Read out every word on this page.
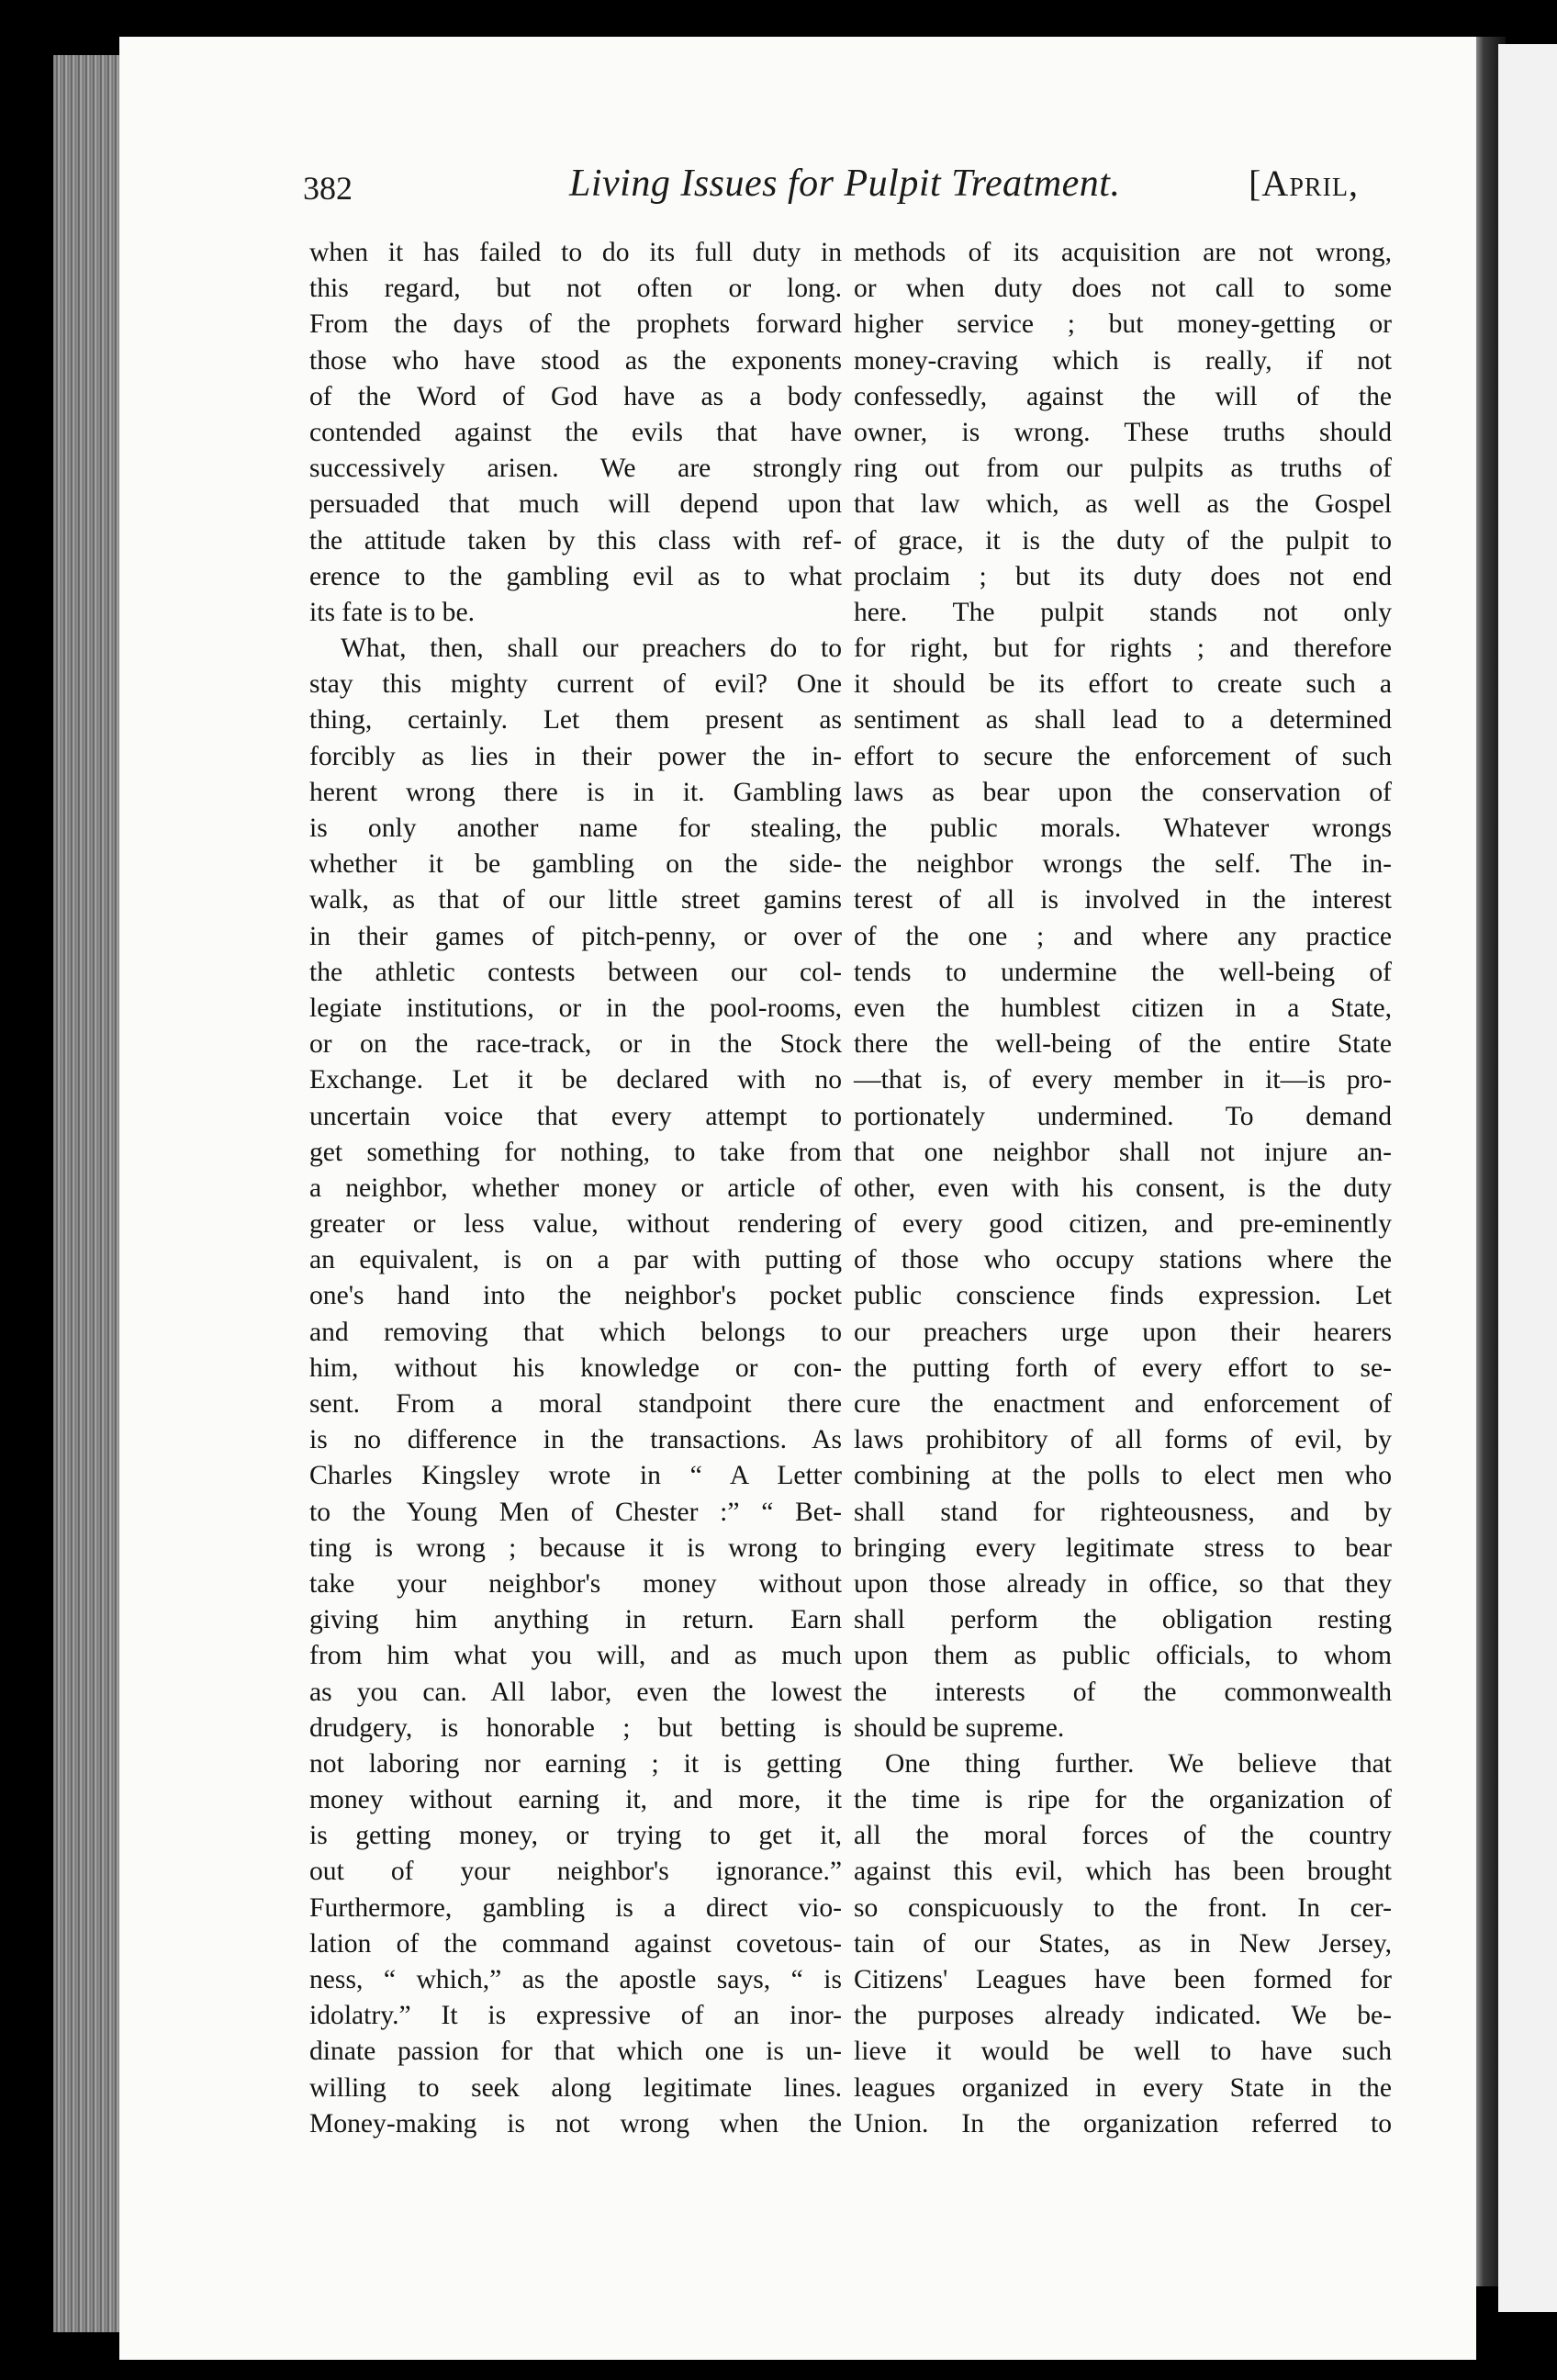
382	Living Issues for Pulpit Treatment.	[April,
when it has failed to do its full duty in
this regard, but not often or long.
From the days of the prophets forward
those who have stood as the exponents
of the Word of God have as a body
contended against the evils that have
successively arisen. We are strongly
persuaded that much will depend upon
the attitude taken by this class with ref-
erence to the gambling evil as to what
its fate is to be.
What, then, shall our preachers do to
stay this mighty current of evil? One
thing, certainly. Let them present as
forcibly as lies in their power the in-
herent wrong there is in it. Gambling
is only another name for stealing,
whether it be gambling on the side-
walk, as that of our little street gamins
in their games of pitch-penny, or over
the athletic contests between our col-
legiate institutions, or in the pool-rooms,
or on the race-track, or in the Stock
Exchange. Let it be declared with no
uncertain voice that every attempt to
get something for nothing, to take from
a neighbor, whether money or article of
greater or less value, without rendering
an equivalent, is on a par with putting
one's hand into the neighbor's pocket
and removing that which belongs to
him, without his knowledge or con-
sent. From a moral standpoint there
is no difference in the transactions. As
Charles Kingsley wrote in “ A Letter
to the Young Men of Chester :” “ Bet-
ting is wrong ; because it is wrong to
take your neighbor's money without
giving him anything in return. Earn
from him what you will, and as much
as you can. All labor, even the lowest
drudgery, is honorable ; but betting is
not laboring nor earning ; it is getting
money without earning it, and more, it
is getting money, or trying to get it,
out of your neighbor's ignorance.”
Furthermore, gambling is a direct vio-
lation of the command against covetous-
ness, “ which,” as the apostle says, “ is
idolatry.” It is expressive of an inor-
dinate passion for that which one is un-
willing to seek along legitimate lines.
Money-making is not wrong when the
methods of its acquisition are not wrong,
or when duty does not call to some
higher service ; but money-getting or
money-craving which is really, if not
confessedly, against the will of the
owner, is wrong. These truths should
ring out from our pulpits as truths of
that law which, as well as the Gospel
of grace, it is the duty of the pulpit to
proclaim ; but its duty does not end
here. The pulpit stands not only
for right, but for rights ; and therefore
it should be its effort to create such a
sentiment as shall lead to a determined
effort to secure the enforcement of such
laws as bear upon the conservation of
the public morals. Whatever wrongs
the neighbor wrongs the self. The in-
terest of all is involved in the interest
of the one ; and where any practice
tends to undermine the well-being of
even the humblest citizen in a State,
there the well-being of the entire State
—that is, of every member in it—is pro-
portionately undermined. To demand
that one neighbor shall not injure an-
other, even with his consent, is the duty
of every good citizen, and pre-eminently
of those who occupy stations where the
public conscience finds expression. Let
our preachers urge upon their hearers
the putting forth of every effort to se-
cure the enactment and enforcement of
laws prohibitory of all forms of evil, by
combining at the polls to elect men who
shall stand for righteousness, and by
bringing every legitimate stress to bear
upon those already in office, so that they
shall perform the obligation resting
upon them as public officials, to whom
the interests of the commonwealth
should be supreme.
One thing further. We believe that
the time is ripe for the organization of
all the moral forces of the country
against this evil, which has been brought
so conspicuously to the front. In cer-
tain of our States, as in New Jersey,
Citizens' Leagues have been formed for
the purposes already indicated. We be-
lieve it would be well to have such
leagues organized in every State in the
Union. In the organization referred to
